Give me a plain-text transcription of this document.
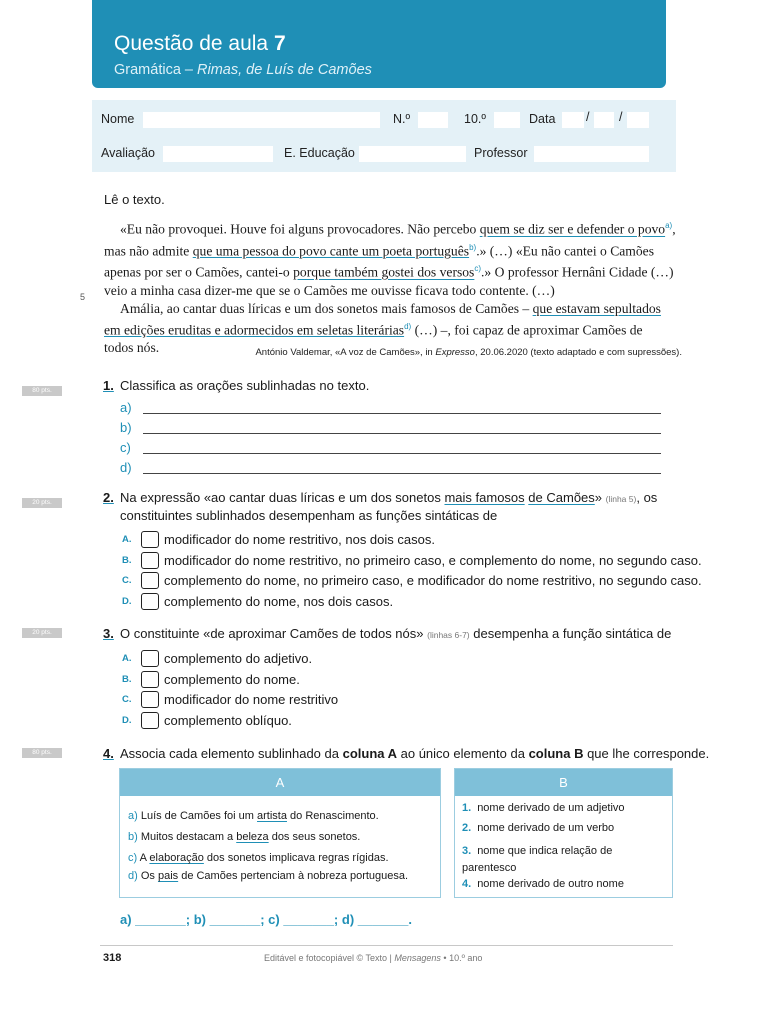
Questão de aula 7
Gramática – Rimas, de Luís de Camões
Nome	N.º	10.º	Data / /
Avaliação	E. Educação	Professor
Lê o texto.
«Eu não provoquei. Houve foi alguns provocadores. Não percebo quem se diz ser e defender o povo$^{a)}$,
mas não admite que uma pessoa do povo cante um poeta português$^{b)}$.» (…) «Eu não cantei o Camões
apenas por ser o Camões, cantei-o porque também gostei dos versos$^{c)}$.» O professor Hernâni Cidade (…)
veio a minha casa dizer-me que se o Camões me ouvisse ficava todo contente. (…)
Amália, ao cantar duas líricas e um dos sonetos mais famosos de Camões – que estavam sepultados
em edições eruditas e adormecidos em seletas literárias$^{d)}$ (…) –, foi capaz de aproximar Camões de
todos nós.
5
António Valdemar, «A voz de Camões», in Expresso, 20.06.2020 (texto adaptado e com supressões).
80 pts.	1. Classifica as orações sublinhadas no texto.
a)
b)
c)
d)
20 pts.	2. Na expressão «ao cantar duas líricas e um dos sonetos mais famosos de Camões» (linha 5), os
constituintes sublinhados desempenham as funções sintáticas de
A.	modificador do nome restritivo, nos dois casos.
B.	modificador do nome restritivo, no primeiro caso, e complemento do nome, no segundo caso.
C.	complemento do nome, no primeiro caso, e modificador do nome restritivo, no segundo caso.
D.	complemento do nome, nos dois casos.
20 pts.	3. O constituinte «de aproximar Camões de todos nós» (linhas 6-7) desempenha a função sintática de
A.	complemento do adjetivo.
B.	complemento do nome.
C.	modificador do nome restritivo
D.	complemento oblíquo.
80 pts.	4. Associa cada elemento sublinhado da coluna A ao único elemento da coluna B que lhe corresponde.
A
a) Luís de Camões foi um artista do Renascimento.
b) Muitos destacam a beleza dos seus sonetos.
c) A elaboração dos sonetos implicava regras rígidas.
d) Os pais de Camões pertenciam à nobreza portuguesa.
B
1. nome derivado de um adjetivo
2. nome derivado de um verbo
3. nome que indica relação de parentesco
4. nome derivado de outro nome
a) _______; b) _______; c) _______; d) _______.
318	Editável e fotocopiável © Texto | Mensagens • 10.º ano
